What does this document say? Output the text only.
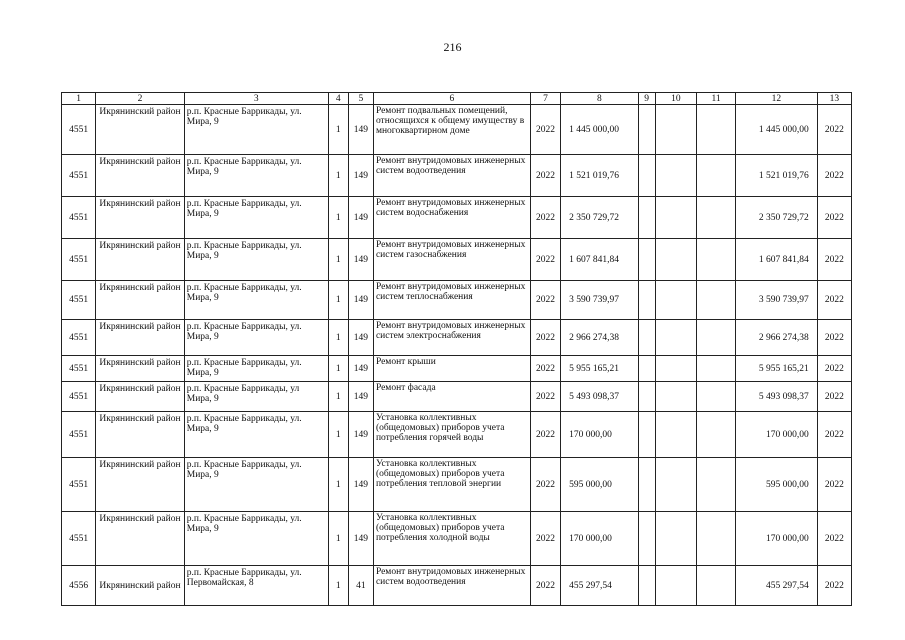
216
1	2	3	4	5	6	7	8	9	10	11	12	13
4551	Икрянинский район	р.п. Красные Баррикады, ул. Мира, 9	1	149	Ремонт подвальных помещений, относящихся к общему имуществу в многоквартирном доме	2022	1 445 000,00				1 445 000,00	2022
4551	Икрянинский район	р.п. Красные Баррикады, ул. Мира, 9	1	149	Ремонт внутридомовых инженерных систем водоотведения	2022	1 521 019,76				1 521 019,76	2022
4551	Икрянинский район	р.п. Красные Баррикады, ул. Мира, 9	1	149	Ремонт внутридомовых инженерных систем водоснабжения	2022	2 350 729,72				2 350 729,72	2022
4551	Икрянинский район	р.п. Красные Баррикады, ул. Мира, 9	1	149	Ремонт внутридомовых инженерных систем газоснабжения	2022	1 607 841,84				1 607 841,84	2022
4551	Икрянинский район	р.п. Красные Баррикады, ул. Мира, 9	1	149	Ремонт внутридомовых инженерных систем теплоснабжения	2022	3 590 739,97				3 590 739,97	2022
4551	Икрянинский район	р.п. Красные Баррикады, ул. Мира, 9	1	149	Ремонт внутридомовых инженерных систем электроснабжения	2022	2 966 274,38				2 966 274,38	2022
4551	Икрянинский район	р.п. Красные Баррикады, ул. Мира, 9	1	149	Ремонт крыши	2022	5 955 165,21				5 955 165,21	2022
4551	Икрянинский район	р.п. Красные Баррикады, ул Мира, 9	1	149	Ремонт фасада	2022	5 493 098,37				5 493 098,37	2022
4551	Икрянинский район	р.п. Красные Баррикады, ул. Мира, 9	1	149	Установка коллективных (общедомовых) приборов учета потребления горячей воды	2022	170 000,00				170 000,00	2022
4551	Икрянинский район	р.п. Красные Баррикады, ул. Мира, 9	1	149	Установка коллективных (общедомовых) приборов учета потребления тепловой энергии	2022	595 000,00				595 000,00	2022
4551	Икрянинский район	р.п. Красные Баррикады, ул. Мира, 9	1	149	Установка коллективных (общедомовых) приборов учета потребления холодной воды	2022	170 000,00				170 000,00	2022
4556	Икрянинский район	р.п. Красные Баррикады, ул. Первомайская, 8	1	41	Ремонт внутридомовых инженерных систем водоотведения	2022	455 297,54				455 297,54	2022
